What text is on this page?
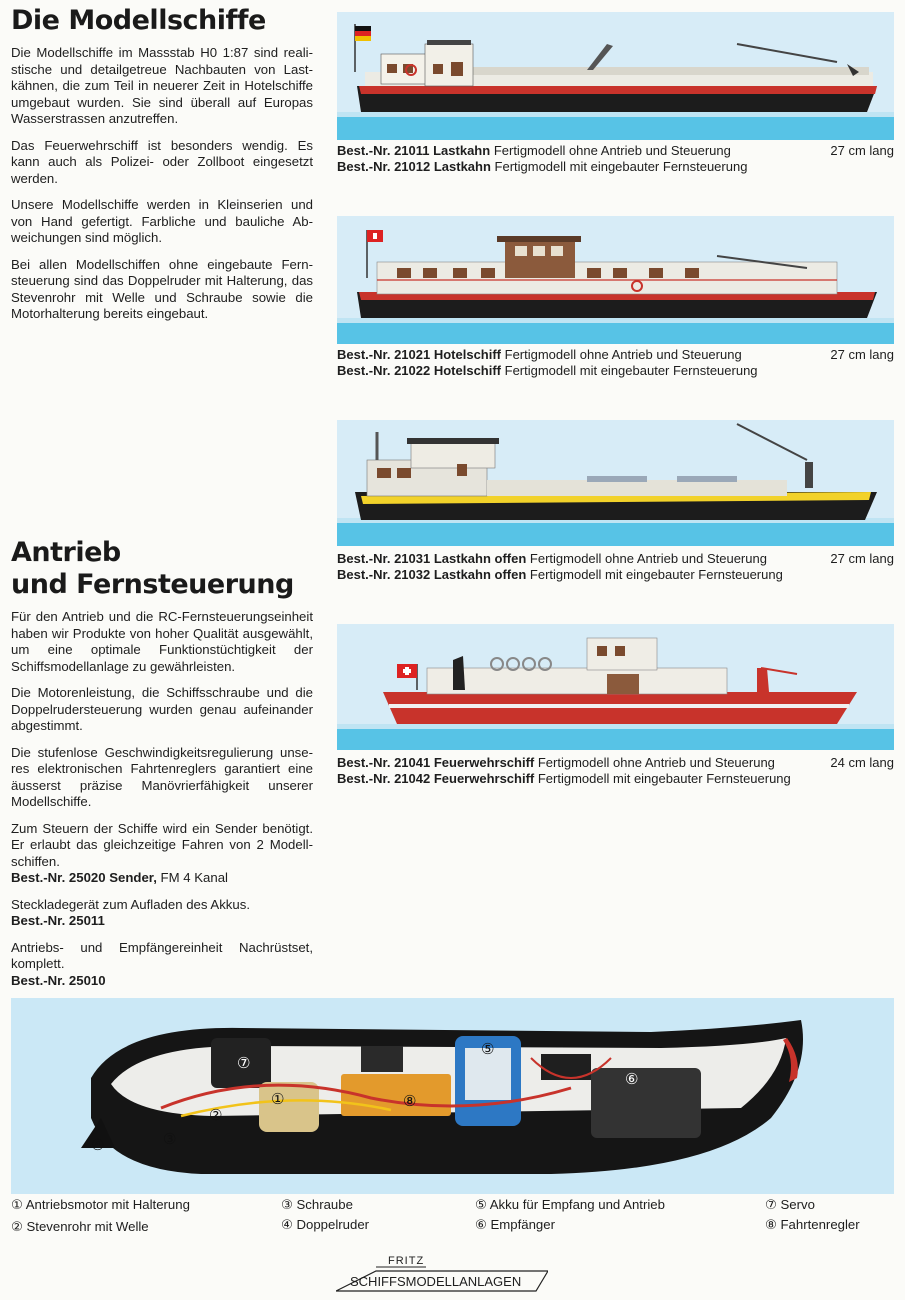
Die Modellschiffe

Die Modellschiffe im Massstab H0 1:87 sind realistische und detailgetreue Nachbauten von Lastkähnen, die zum Teil in neuerer Zeit in Hotelschiffe umgebaut wurden. Sie sind überall auf Europas Wasserstrassen anzutreffen.

Das Feuerwehrschiff ist besonders wendig. Es kann auch als Polizei- oder Zollboot eingesetzt werden.

Unsere Modellschiffe werden in Kleinserien und von Hand gefertigt. Farbliche und bauliche Abweichungen sind möglich.

Bei allen Modellschiffen ohne eingebaute Fernsteuerung sind das Doppelruder mit Halterung, das Stevenrohr mit Welle und Schraube sowie die Motorhalterung bereits eingebaut.

Antrieb
und Fernsteuerung

Für den Antrieb und die RC-Fernsteuerungseinheit haben wir Produkte von hoher Qualität ausgewählt, um eine optimale Funktionstüchtigkeit der Schiffsmodellanlage zu gewährleisten.

Die Motorenleistung, die Schiffsschraube und die Doppelrudersteuerung wurden genau aufeinander abgestimmt.

Die stufenlose Geschwindigkeitsregulierung unseres elektronischen Fahrtenreglers garantiert eine äusserst präzise Manövrierfähigkeit unserer Modellschiffe.

Zum Steuern der Schiffe wird ein Sender benötigt. Er erlaubt das gleichzeitige Fahren von 2 Modellschiffen.

Best.-Nr. 25020 Sender, FM 4 Kanal

Steckladegerät zum Aufladen des Akkus.
Best.-Nr. 25011

Antriebs- und Empfängereinheit Nachrüstset, komplett.
Best.-Nr. 25010

27 cm lang
Best.-Nr. 21011 Lastkahn Fertigmodell ohne Antrieb und Steuerung
Best.-Nr. 21012 Lastkahn Fertigmodell mit eingebauter Fernsteuerung
27 cm lang
Best.-Nr. 21021 Hotelschiff Fertigmodell ohne Antrieb und Steuerung
Best.-Nr. 21022 Hotelschiff Fertigmodell mit eingebauter Fernsteuerung
27 cm lang
Best.-Nr. 21031 Lastkahn offen Fertigmodell ohne Antrieb und Steuerung
Best.-Nr. 21032 Lastkahn offen Fertigmodell mit eingebauter Fernsteuerung
24 cm lang
Best.-Nr. 21041 Feuerwehrschiff Fertigmodell ohne Antrieb und Steuerung
Best.-Nr. 21042 Feuerwehrschiff Fertigmodell mit eingebauter Fernsteuerung
⑦
①
②
③
④
⑤
⑥
⑧
① Antriebsmotor mit Halterung
② Stevenrohr mit Welle
③ Schraube
④ Doppelruder
⑤ Akku für Empfang und Antrieb
⑥ Empfänger
⑦ Servo
⑧ Fahrtenregler
FRITZ
SCHIFFSMODELLANLAGEN
